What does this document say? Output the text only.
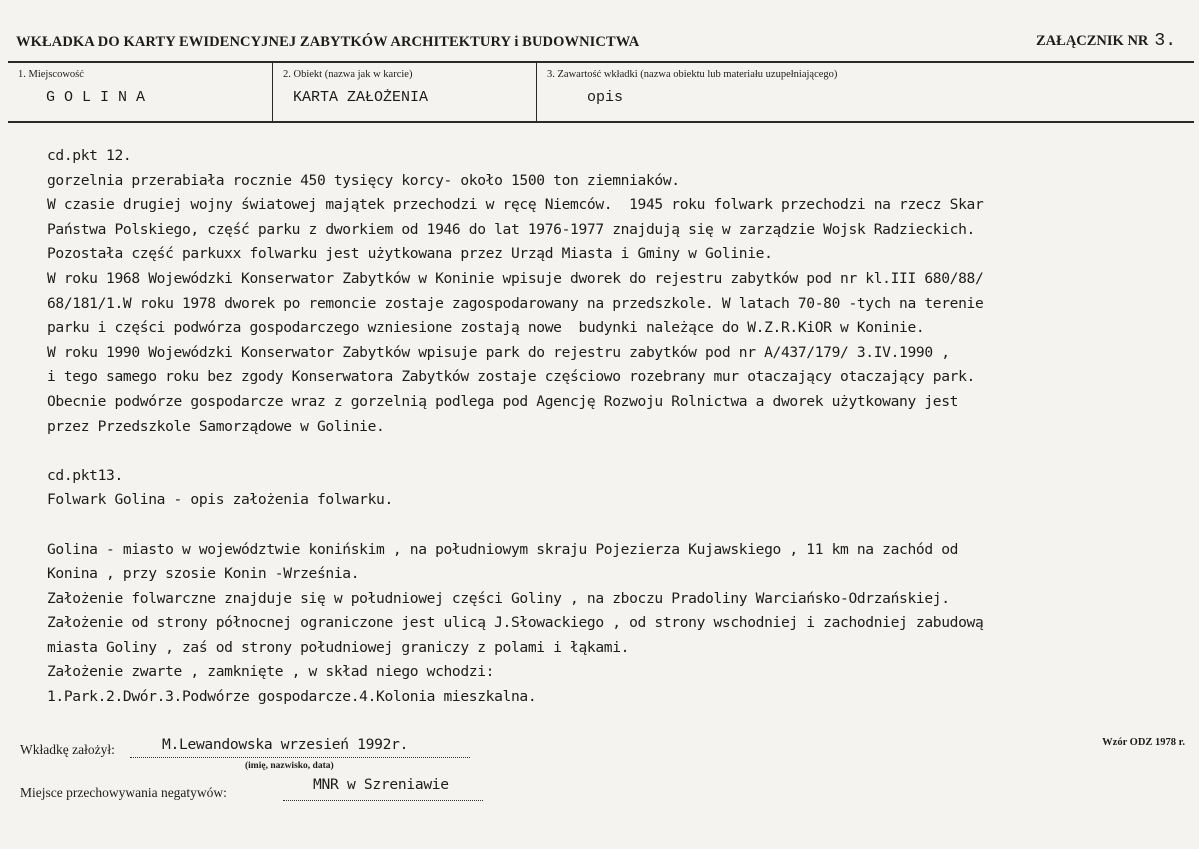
WKŁADKA DO KARTY EWIDENCYJNEJ ZABYTKÓW ARCHITEKTURY i BUDOWNICTWA	ZAŁĄCZNIK NR 3.
1. Miejscowość
GOLINA
2. Obiekt (nazwa jak w karcie)
KARTA ZAŁOŻENIA
3. Zawartość wkładki (nazwa obiektu lub materiału uzupełniającego)
opis
cd.pkt 12.
gorzelnia przerabiała rocznie 450 tysięcy korcy- około 1500 ton ziemniaków.
W czasie drugiej wojny światowej majątek przechodzi w ręcę Niemców.  1945 roku folwark przechodzi na rzecz Skar
Państwa Polskiego, część parku z dworkiem od 1946 do lat 1976-1977 znajdują się w zarządzie Wojsk Radzieckich.
Pozostała część parkuxx folwarku jest użytkowana przez Urząd Miasta i Gminy w Golinie.
W roku 1968 Wojewódzki Konserwator Zabytków w Koninie wpisuje dworek do rejestru zabytków pod nr kl.III 680/88/
68/181/1.W roku 1978 dworek po remoncie zostaje zagospodarowany na przedszkole. W latach 70-80 -tych na terenie
parku i części podwórza gospodarczego wzniesione zostają nowe  budynki należące do W.Z.R.KiOR w Koninie.
W roku 1990 Wojewódzki Konserwator Zabytków wpisuje park do rejestru zabytków pod nr A/437/179/ 3.IV.1990 ,
i tego samego roku bez zgody Konserwatora Zabytków zostaje częściowo rozebrany mur otaczający otaczający park.
Obecnie podwórze gospodarcze wraz z gorzelnią podlega pod Agencję Rozwoju Rolnictwa a dworek użytkowany jest
przez Przedszkole Samorządowe w Golinie.
cd.pkt13.
Folwark Golina - opis założenia folwarku.
Golina - miasto w województwie konińskim , na południowym skraju Pojezierza Kujawskiego , 11 km na zachód od
Konina , przy szosie Konin -Września.
Założenie folwarczne znajduje się w południowej części Goliny , na zboczu Pradoliny Warciańsko-Odrzańskiej.
Założenie od strony północnej ograniczone jest ulicą J.Słowackiego , od strony wschodniej i zachodniej zabudową
miasta Goliny , zaś od strony południowej graniczy z polami i łąkami.
Założenie zwarte , zamknięte , w skład niego wchodzi:
1.Park.2.Dwór.3.Podwórze gospodarcze.4.Kolonia mieszkalna.
Wkładkę założył:	M.Lewandowska wrzesień 1992r.
(imię, nazwisko, data)
Miejsce przechowywania negatywów:	MNR w Szreniawie
Wzór ODZ 1978 r.
